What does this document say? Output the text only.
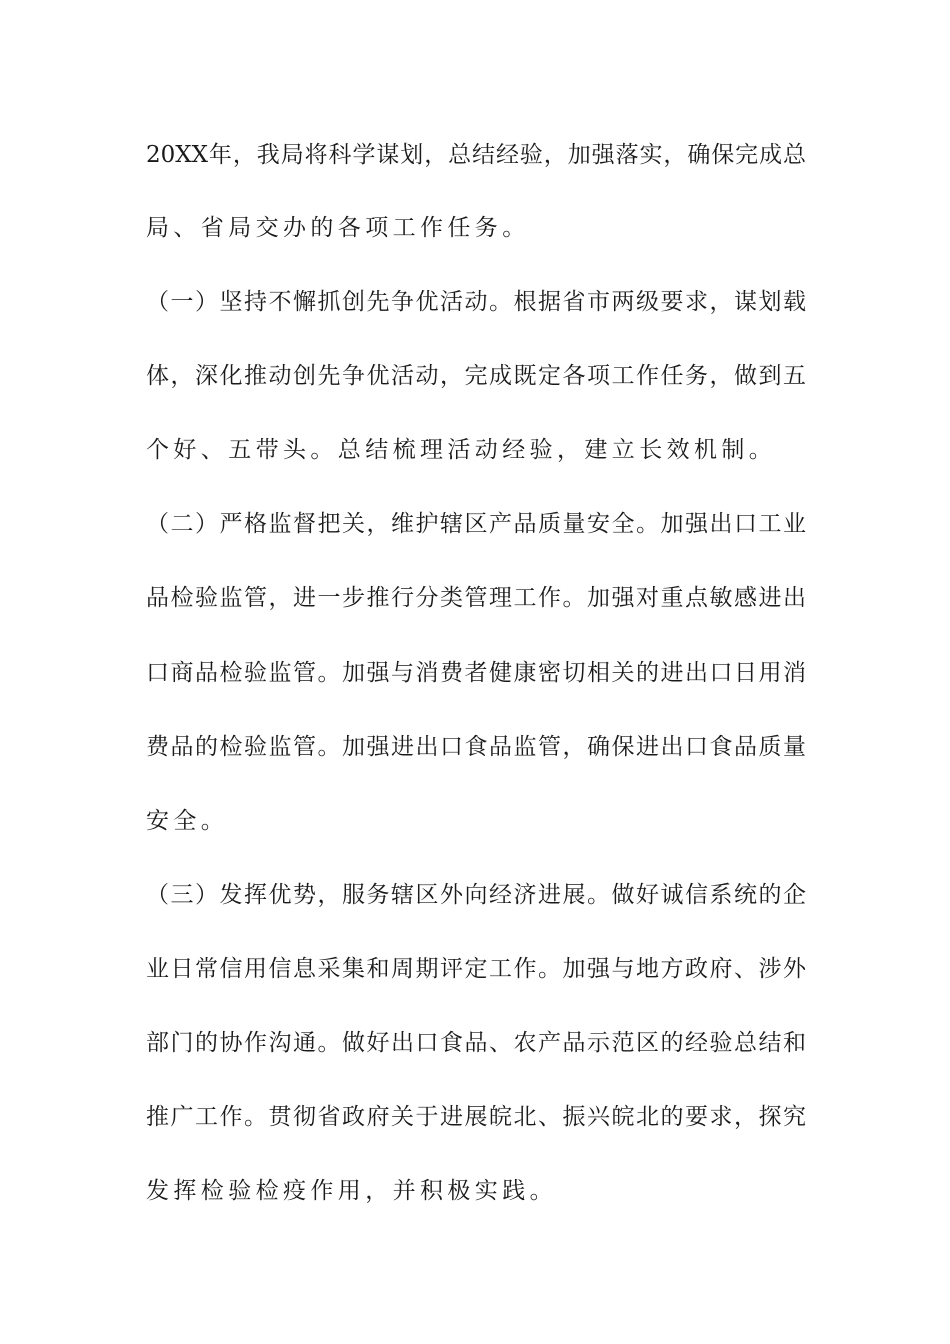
20XX年，我局将科学谋划，总结经验，加强落实，确保完成总
局、省局交办的各项工作任务。
（一）坚持不懈抓创先争优活动。根据省市两级要求，谋划载
体，深化推动创先争优活动，完成既定各项工作任务，做到五
个好、五带头。总结梳理活动经验，建立长效机制。
（二）严格监督把关，维护辖区产品质量安全。加强出口工业
品检验监管，进一步推行分类管理工作。加强对重点敏感进出
口商品检验监管。加强与消费者健康密切相关的进出口日用消
费品的检验监管。加强进出口食品监管，确保进出口食品质量
安全。
（三）发挥优势，服务辖区外向经济进展。做好诚信系统的企
业日常信用信息采集和周期评定工作。加强与地方政府、涉外
部门的协作沟通。做好出口食品、农产品示范区的经验总结和
推广工作。贯彻省政府关于进展皖北、振兴皖北的要求，探究
发挥检验检疫作用，并积极实践。
